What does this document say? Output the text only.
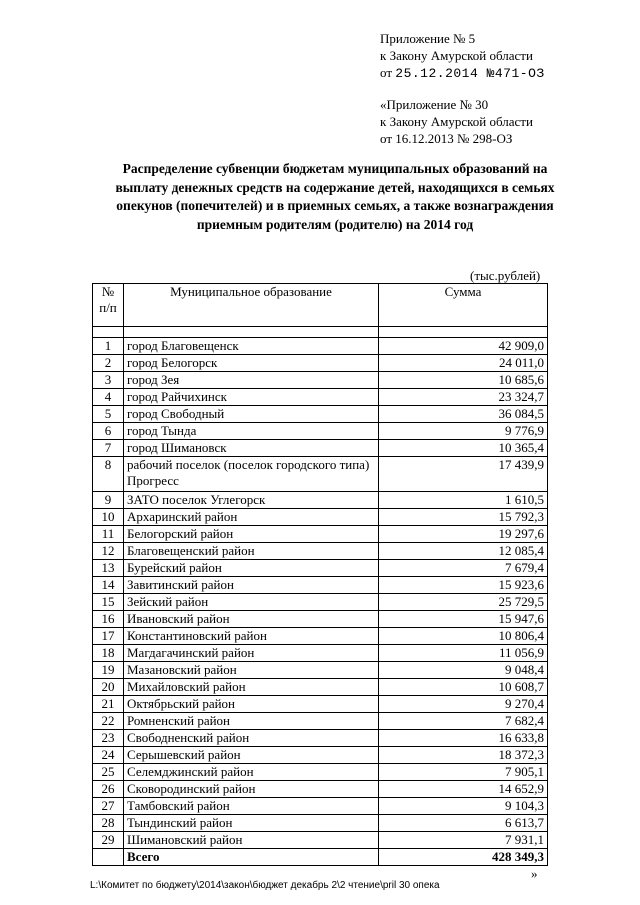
Приложение № 5
к Закону Амурской области
от 25.12.2014 №471-ОЗ
«Приложение № 30
к Закону Амурской области
от 16.12.2013 № 298-ОЗ
Распределение субвенции бюджетам муниципальных образований на выплату денежных средств на содержание детей, находящихся в семьях опекунов (попечителей) и в приемных семьях, а также вознаграждения приемным родителям (родителю) на 2014 год
(тыс.рублей)
№
п/п	Муниципальное образование	Сумма

1	город Благовещенск	42 909,0
2	город Белогорск	24 011,0
3	город Зея	10 685,6
4	город Райчихинск	23 324,7
5	город Свободный	36 084,5
6	город Тында	9 776,9
7	город Шимановск	10 365,4
8	рабочий поселок (поселок городского типа) Прогресс	17 439,9
9	ЗАТО поселок Углегорск	1 610,5
10	Архаринский район	15 792,3
11	Белогорский район	19 297,6
12	Благовещенский район	12 085,4
13	Бурейский район	7 679,4
14	Завитинский район	15 923,6
15	Зейский район	25 729,5
16	Ивановский район	15 947,6
17	Константиновский район	10 806,4
18	Магдагачинский район	11 056,9
19	Мазановский район	9 048,4
20	Михайловский район	10 608,7
21	Октябрьский район	9 270,4
22	Ромненский район	7 682,4
23	Свободненский район	16 633,8
24	Серышевский район	18 372,3
25	Селемджинский район	7 905,1
26	Сковородинский район	14 652,9
27	Тамбовский район	9 104,3
28	Тындинский район	6 613,7
29	Шимановский район	7 931,1
	Всего	428 349,3
»
L:\Комитет по бюджету\2014\закон\бюджет декабрь 2\2 чтение\pril 30 опека
